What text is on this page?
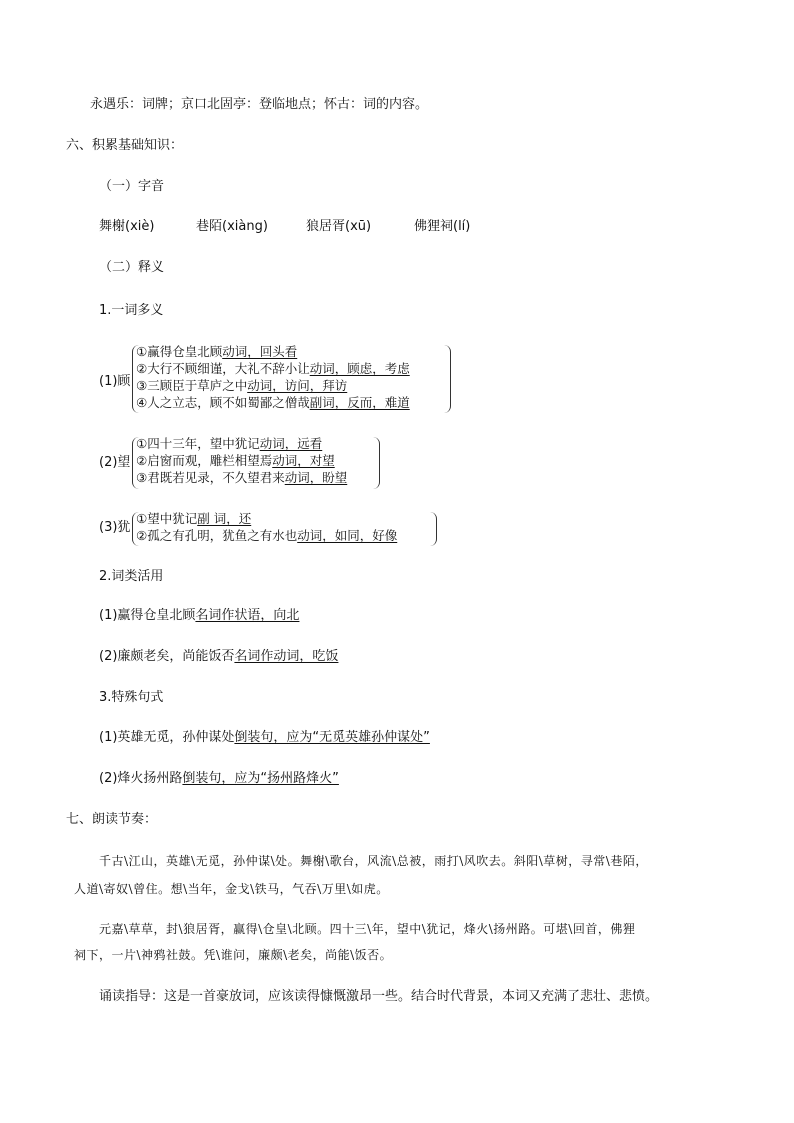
永遇乐：词牌；京口北固亭：登临地点；怀古：词的内容。

六、积累基础知识：

（一）字音

舞榭(xiè)	巷陌(xiàng)	狼居胥(xū)	佛狸祠(lí)

（二）释义

1.一词多义

(1)顾
①赢得仓皇北顾动词，回头看
②大行不顾细谨，大礼不辞小让动词，顾虑，考虑
③三顾臣于草庐之中动词，访问，拜访
④人之立志，顾不如蜀鄙之僧哉副词，反而，难道
(2)望
①四十三年，望中犹记动词，远看
②启窗而观，雕栏相望焉动词，对望
③君既若见录，不久望君来动词，盼望
(3)犹
①望中犹记副 词，还
②孤之有孔明，犹鱼之有水也动词，如同，好像

2.词类活用

(1)赢得仓皇北顾名词作状语，向北

(2)廉颇老矣，尚能饭否名词作动词，吃饭

3.特殊句式

(1)英雄无觅，孙仲谋处倒装句，应为“无觅英雄孙仲谋处”

(2)烽火扬州路倒装句，应为“扬州路烽火”

七、朗读节奏：

千古\江山，英雄\无觅，孙仲谋\处。舞榭\歌台，风流\总被，雨打\风吹去。斜阳\草树，寻常\巷陌，

人道\寄奴\曾住。想\当年，金戈\铁马，气吞\万里\如虎。

元嘉\草草，封\狼居胥，赢得\仓皇\北顾。四十三\年，望中\犹记，烽火\扬州路。可堪\回首，佛狸

祠下，一片\神鸦社鼓。凭\谁问，廉颇\老矣，尚能\饭否。

诵读指导：这是一首豪放词，应该读得慷慨激昂一些。结合时代背景，本词又充满了悲壮、悲愤。
